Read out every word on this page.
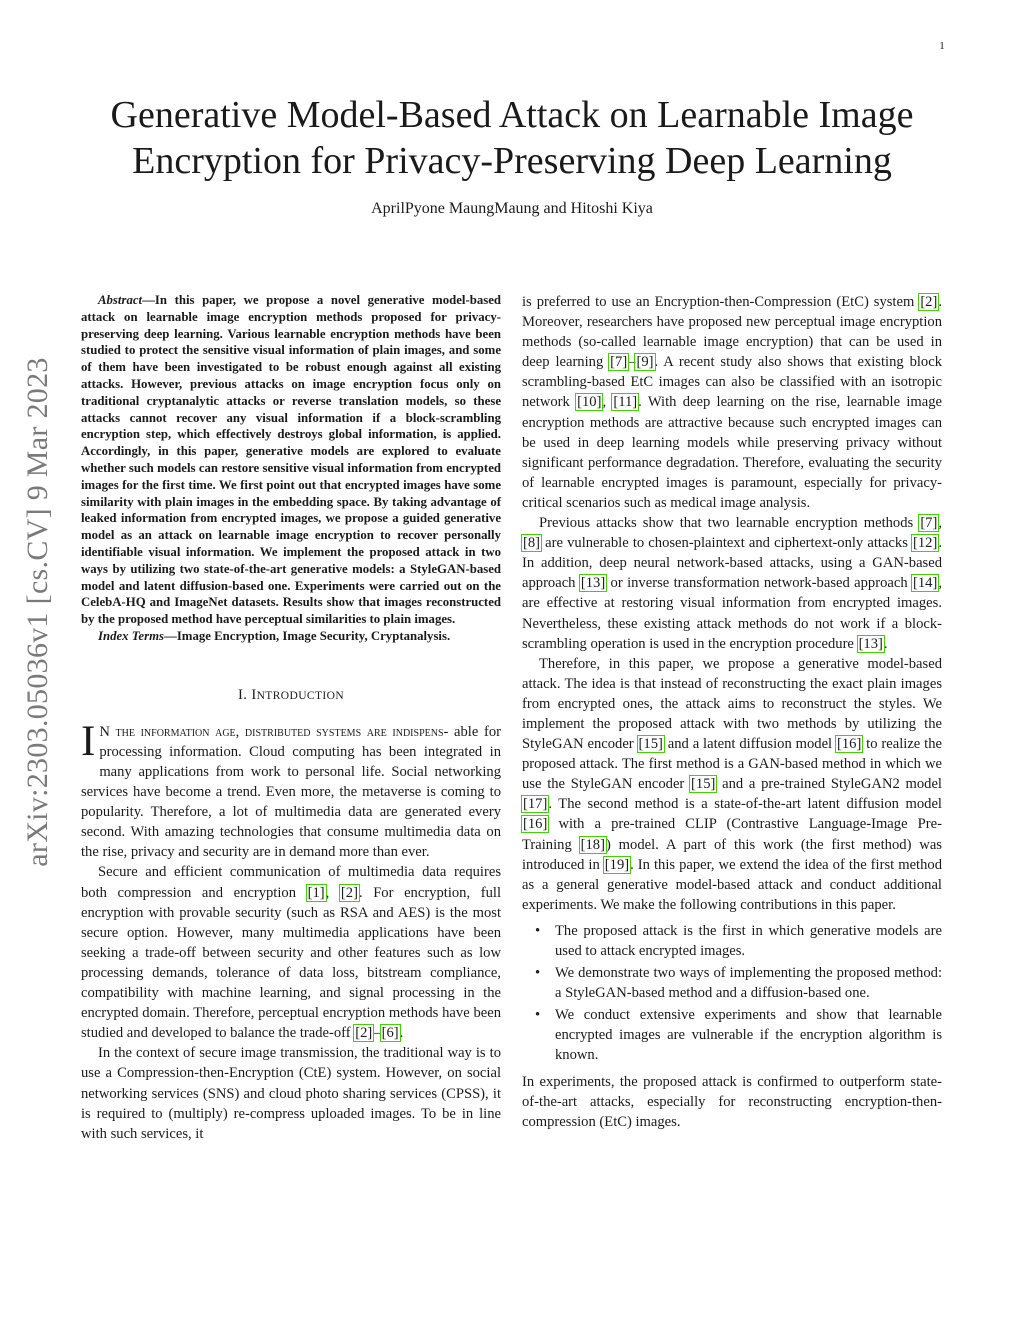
1
arXiv:2303.05036v1 [cs.CV] 9 Mar 2023
Generative Model-Based Attack on Learnable Image
Encryption for Privacy-Preserving Deep Learning
AprilPyone MaungMaung and Hitoshi Kiya

Abstract—In this paper, we propose a novel generative model-based attack on learnable image encryption methods proposed for privacy-preserving deep learning. Various learnable encryption methods have been studied to protect the sensitive visual information of plain images, and some of them have been investigated to be robust enough against all existing attacks. However, previous attacks on image encryption focus only on traditional cryptanalytic attacks or reverse translation models, so these attacks cannot recover any visual information if a block-scrambling encryption step, which effectively destroys global information, is applied. Accordingly, in this paper, generative models are explored to evaluate whether such models can restore sensitive visual information from encrypted images for the first time. We first point out that encrypted images have some similarity with plain images in the embedding space. By taking advantage of leaked information from encrypted images, we propose a guided generative model as an attack on learnable image encryption to recover personally identifiable visual information. We implement the proposed attack in two ways by utilizing two state-of-the-art generative models: a StyleGAN-based model and latent diffusion-based one. Experiments were carried out on the CelebA-HQ and ImageNet datasets. Results show that images reconstructed by the proposed method have perceptual similarities to plain images.

Index Terms—Image Encryption, Image Security, Cryptanalysis.

I. INTRODUCTION

I N the information age, distributed systems are indispens- able for processing information. Cloud computing has been integrated in many applications from work to personal life. Social networking services have become a trend. Even more, the metaverse is coming to popularity. Therefore, a lot of multimedia data are generated every second. With amazing technologies that consume multimedia data on the rise, privacy and security are in demand more than ever.

Secure and efficient communication of multimedia data requires both compression and encryption [1], [2]. For encryption, full encryption with provable security (such as RSA and AES) is the most secure option. However, many multimedia applications have been seeking a trade-off between security and other features such as low processing demands, tolerance of data loss, bitstream compliance, compatibility with machine learning, and signal processing in the encrypted domain. Therefore, perceptual encryption methods have been studied and developed to balance the trade-off [2]–[6].

In the context of secure image transmission, the traditional way is to use a Compression-then-Encryption (CtE) system. However, on social networking services (SNS) and cloud photo sharing services (CPSS), it is required to (multiply) re-compress uploaded images. To be in line with such services, it

is preferred to use an Encryption-then-Compression (EtC) system [2]. Moreover, researchers have proposed new perceptual image encryption methods (so-called learnable image encryption) that can be used in deep learning [7]–[9]. A recent study also shows that existing block scrambling-based EtC images can also be classified with an isotropic network [10], [11]. With deep learning on the rise, learnable image encryption methods are attractive because such encrypted images can be used in deep learning models while preserving privacy without significant performance degradation. Therefore, evaluating the security of learnable encrypted images is paramount, especially for privacy-critical scenarios such as medical image analysis.

Previous attacks show that two learnable encryption methods [7], [8] are vulnerable to chosen-plaintext and ciphertext-only attacks [12]. In addition, deep neural network-based attacks, using a GAN-based approach [13] or inverse transformation network-based approach [14], are effective at restoring visual information from encrypted images. Nevertheless, these existing attack methods do not work if a block-scrambling operation is used in the encryption procedure [13].

Therefore, in this paper, we propose a generative model-based attack. The idea is that instead of reconstructing the exact plain images from encrypted ones, the attack aims to reconstruct the styles. We implement the proposed attack with two methods by utilizing the StyleGAN encoder [15] and a latent diffusion model [16] to realize the proposed attack. The first method is a GAN-based method in which we use the StyleGAN encoder [15] and a pre-trained StyleGAN2 model [17]. The second method is a state-of-the-art latent diffusion model [16] with a pre-trained CLIP (Contrastive Language-Image Pre-Training [18]) model. A part of this work (the first method) was introduced in [19]. In this paper, we extend the idea of the first method as a general generative model-based attack and conduct additional experiments. We make the following contributions in this paper.

• The proposed attack is the first in which generative models are used to attack encrypted images.
• We demonstrate two ways of implementing the proposed method: a StyleGAN-based method and a diffusion-based one.
• We conduct extensive experiments and show that learnable encrypted images are vulnerable if the encryption algorithm is known.

In experiments, the proposed attack is confirmed to outperform state-of-the-art attacks, especially for reconstructing encryption-then-compression (EtC) images.
